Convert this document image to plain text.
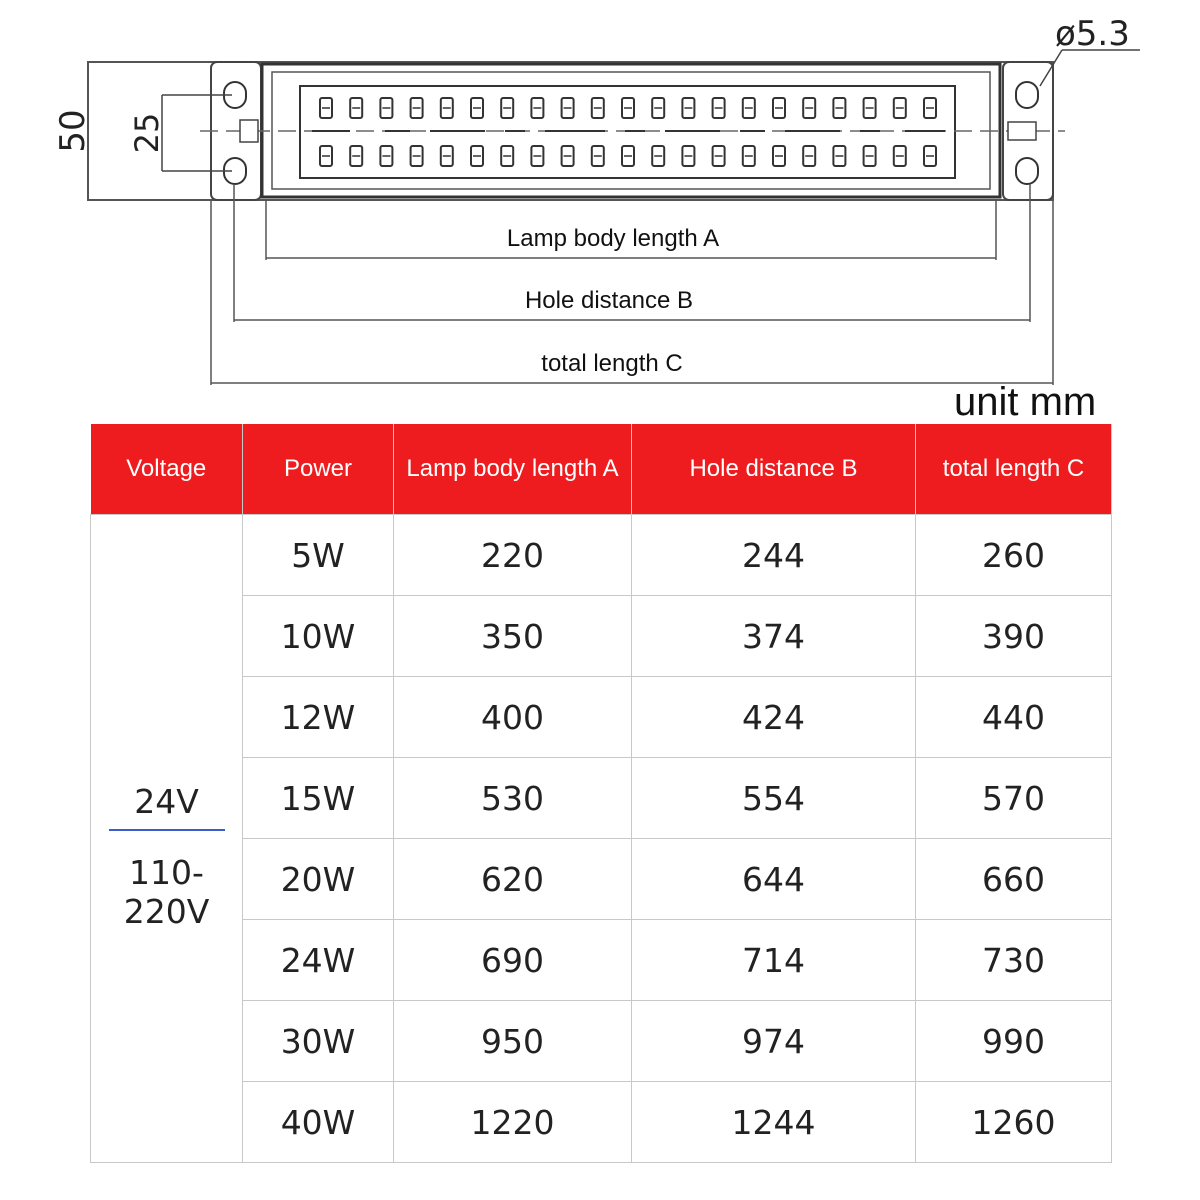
50 25
ø5.3
Lamp body length A
Hole distance B
total length C
unit mm
Voltage	Power	Lamp body length A	Hole distance B	total length C

24V
110-220V	5W	220	244	260
	10W	350	374	390
	12W	400	424	440
	15W	530	554	570
	20W	620	644	660
	24W	690	714	730
	30W	950	974	990
	40W	1220	1244	1260
